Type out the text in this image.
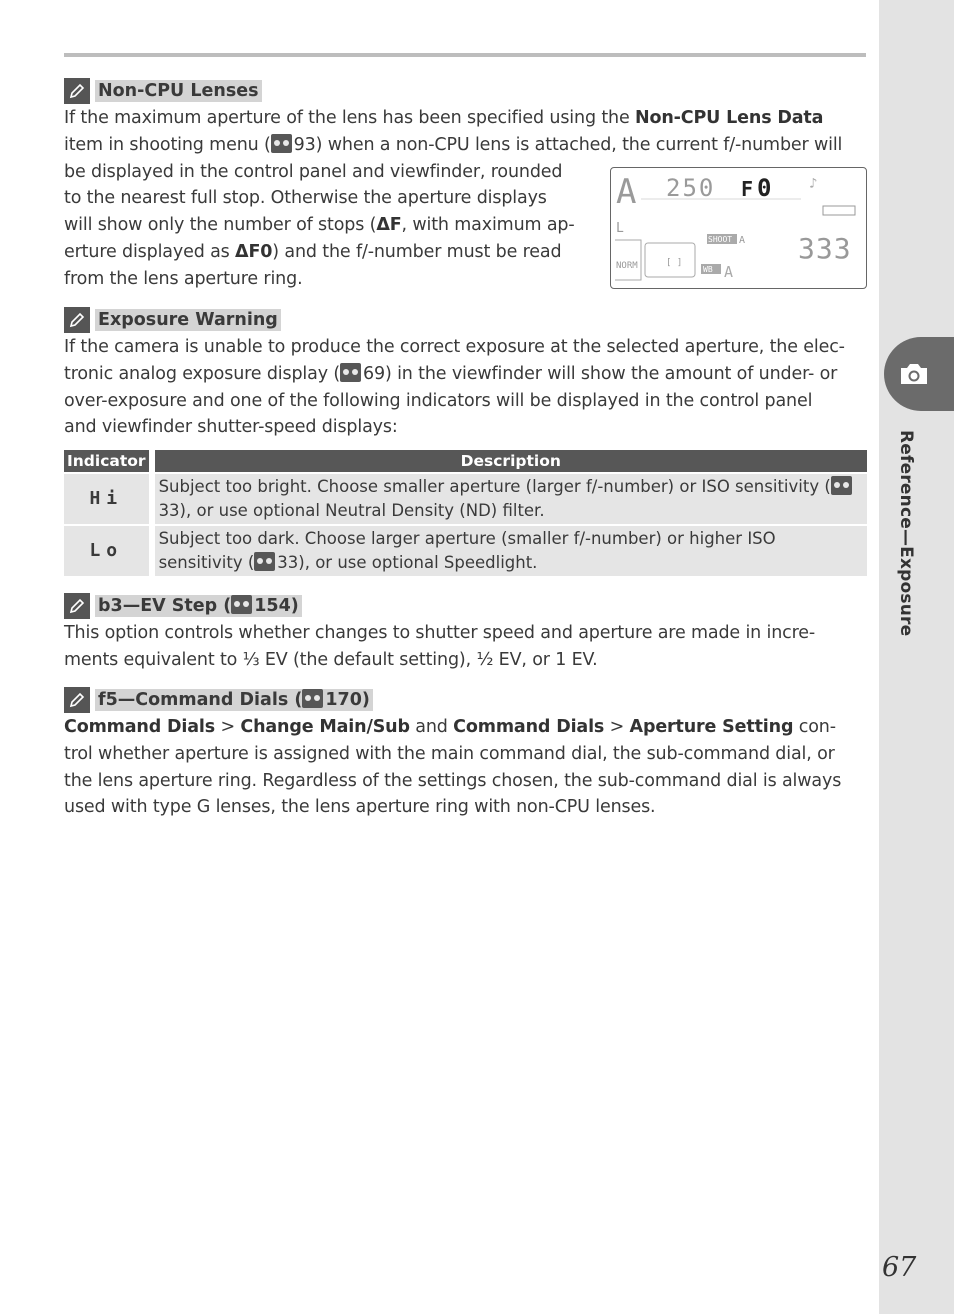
Non-CPU Lenses
If the maximum aperture of the lens has been specified using the Non-CPU Lens Data
item in shooting menu ( 93) when a non-CPU lens is attached, the current f/-number will
be displayed in the control panel and viewfinder, rounded
to the nearest full stop. Otherwise the aperture displays
will show only the number of stops (ΔF, with maximum ap-
erture displayed as ΔF0) and the f/-number must be read
from the lens aperture ring.
A 250 F 0	♪
L
NORM	[ ]
SHOOT A
WB A
333
Exposure Warning
If the camera is unable to produce the correct exposure at the selected aperture, the elec-
tronic analog exposure display ( 69) in the viewfinder will show the amount of under- or
over-exposure and one of the following indicators will be displayed in the control panel
and viewfinder shutter-speed displays:
Indicator		Description
Hi		Subject too bright. Choose smaller aperture (larger f/-number) or ISO sensitivity (33), or use optional Neutral Density (ND) filter.
Lo		Subject too dark. Choose larger aperture (smaller f/-number) or higher ISO sensitivity ( 33), or use optional Speedlight.
b3—EV Step ( 154)
This option controls whether changes to shutter speed and aperture are made in incre-
ments equivalent to ⅓ EV (the default setting), ½ EV, or 1 EV.
f5—Command Dials ( 170)
Command Dials > Change Main/Sub and Command Dials > Aperture Setting con-
trol whether aperture is assigned with the main command dial, the sub-command dial, or
the lens aperture ring. Regardless of the settings chosen, the sub-command dial is always
used with type G lenses, the lens aperture ring with non-CPU lenses.
Reference—Exposure
67
